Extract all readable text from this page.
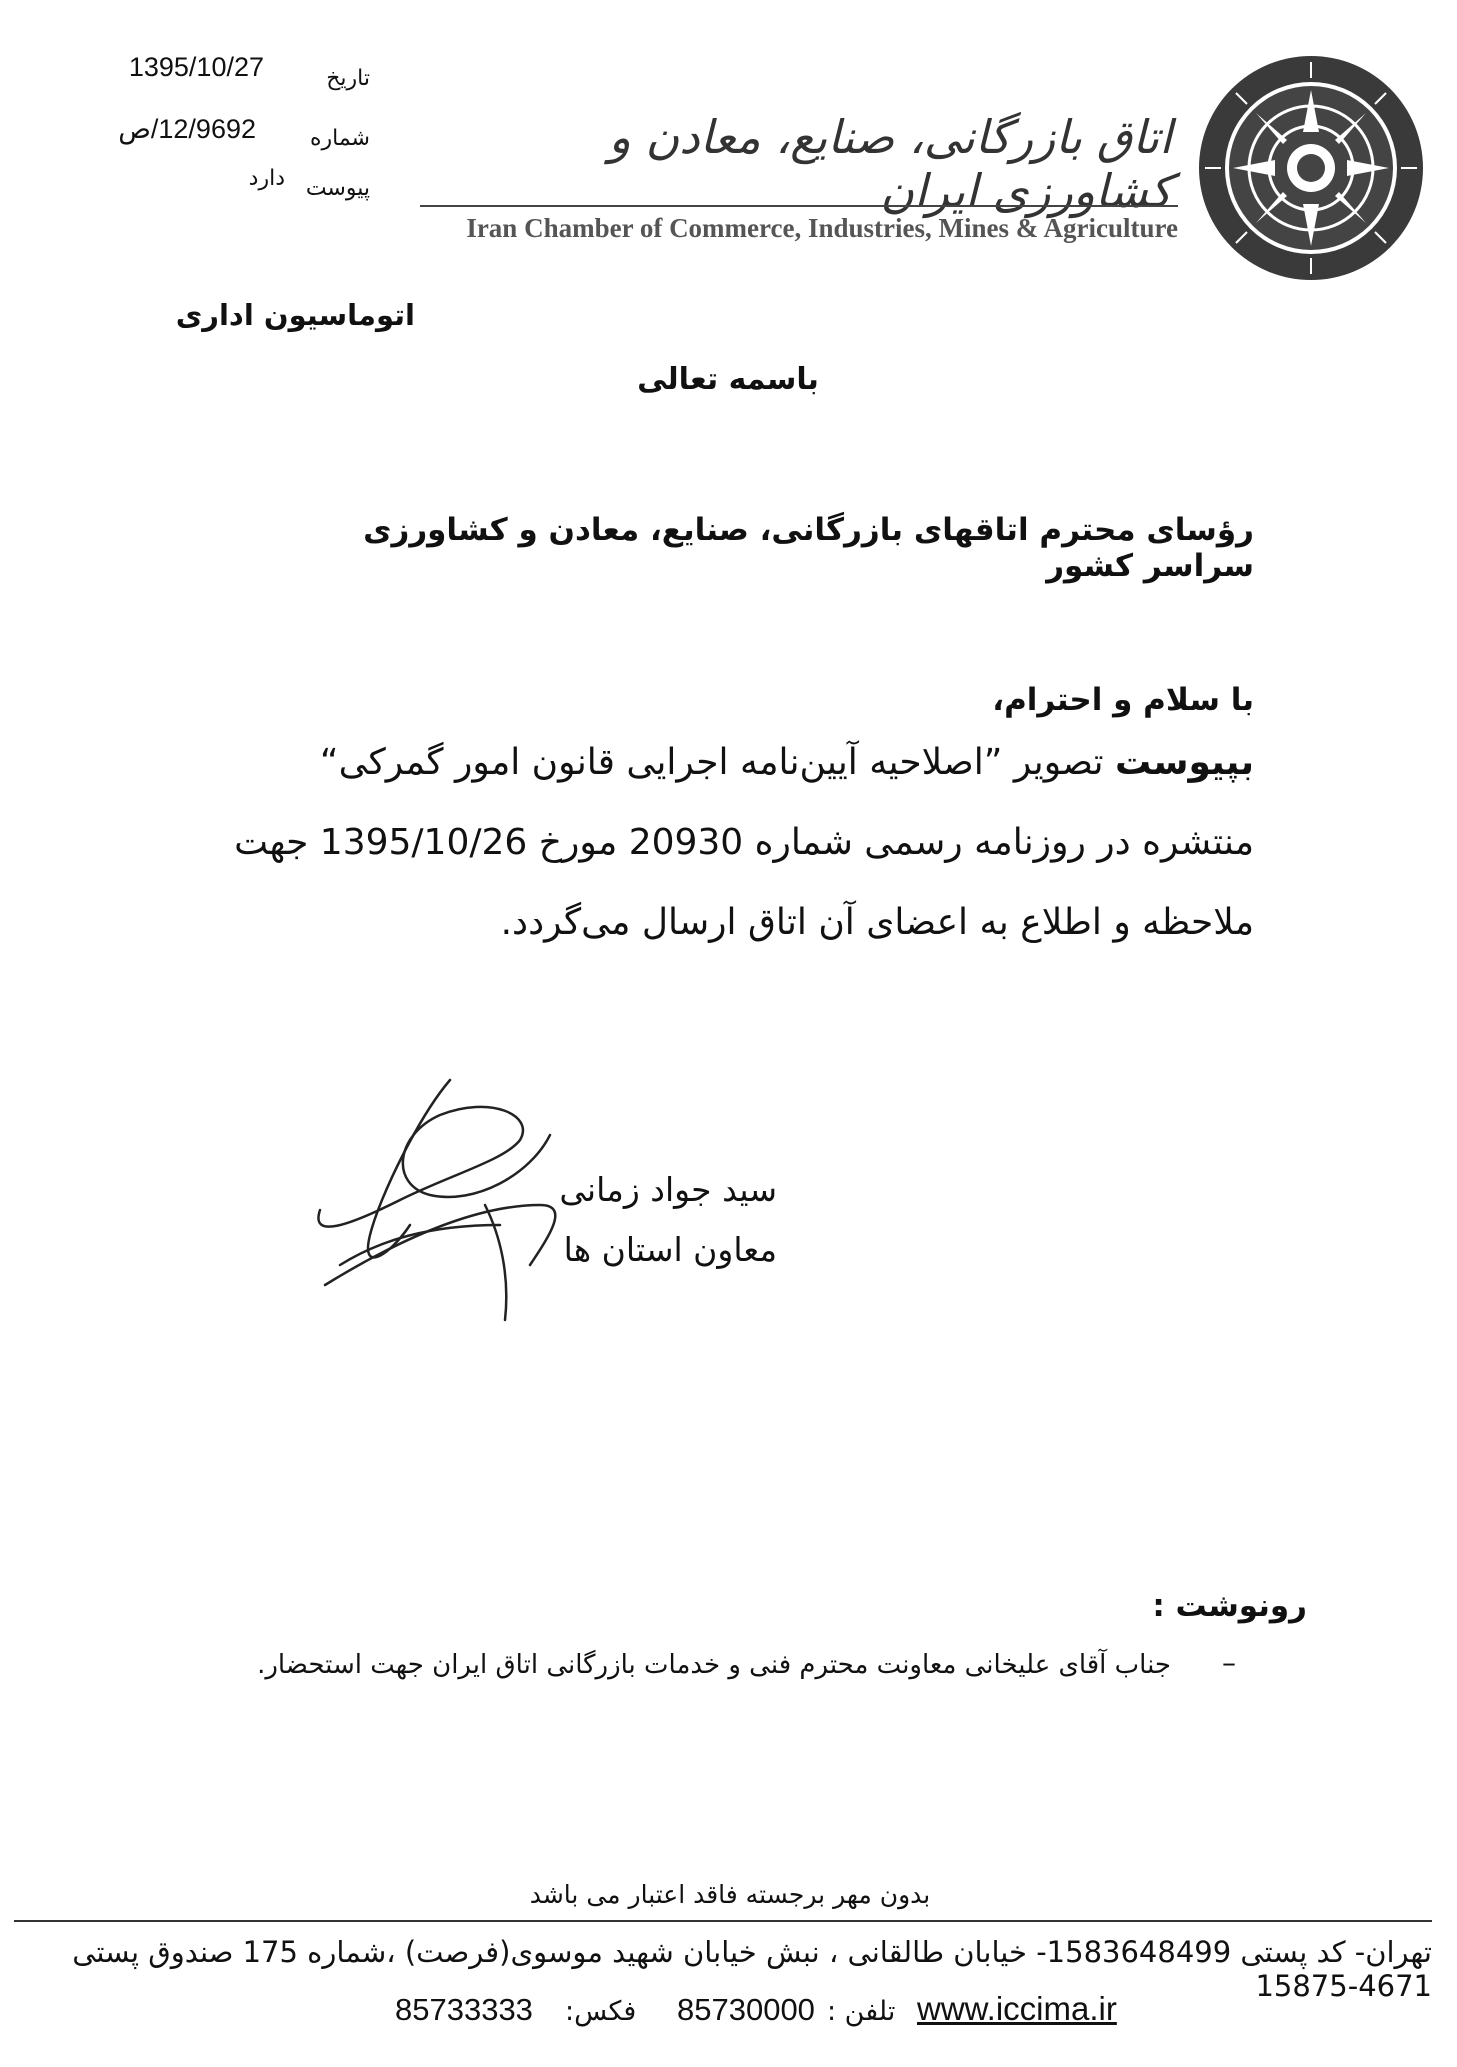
1395/10/27	تاریخ
12/9692/ص	شماره
دارد پیوست
اتاق بازرگانی، صنایع، معادن و کشاورزی ایران
Iran Chamber of Commerce, Industries, Mines & Agriculture
اتوماسیون اداری
باسمه تعالی
رؤسای محترم اتاقهای بازرگانی، صنایع، معادن و کشاورزی سراسر کشور
با سلام و احترام،
بپیوست تصویر ”اصلاحیه آیین‌نامه اجرایی قانون امور گمرکی“
منتشره در روزنامه رسمی شماره 20930 مورخ 1395/10/26 جهت
ملاحظه و اطلاع به اعضای آن اتاق ارسال می‌گردد.
سید جواد زمانی
معاون استان ها
رونوشت :
–
جناب آقای علیخانی معاونت محترم فنی و خدمات بازرگانی اتاق ایران جهت استحضار.
بدون مهر برجسته فاقد اعتبار می باشد
تهران- کد پستی 1583648499- خیابان طالقانی ، نبش خیابان شهید موسوی(فرصت) ،شماره 175 صندوق پستی 4671-15875
85733333 فکس: 85730000 تلفن : www.iccima.ir
